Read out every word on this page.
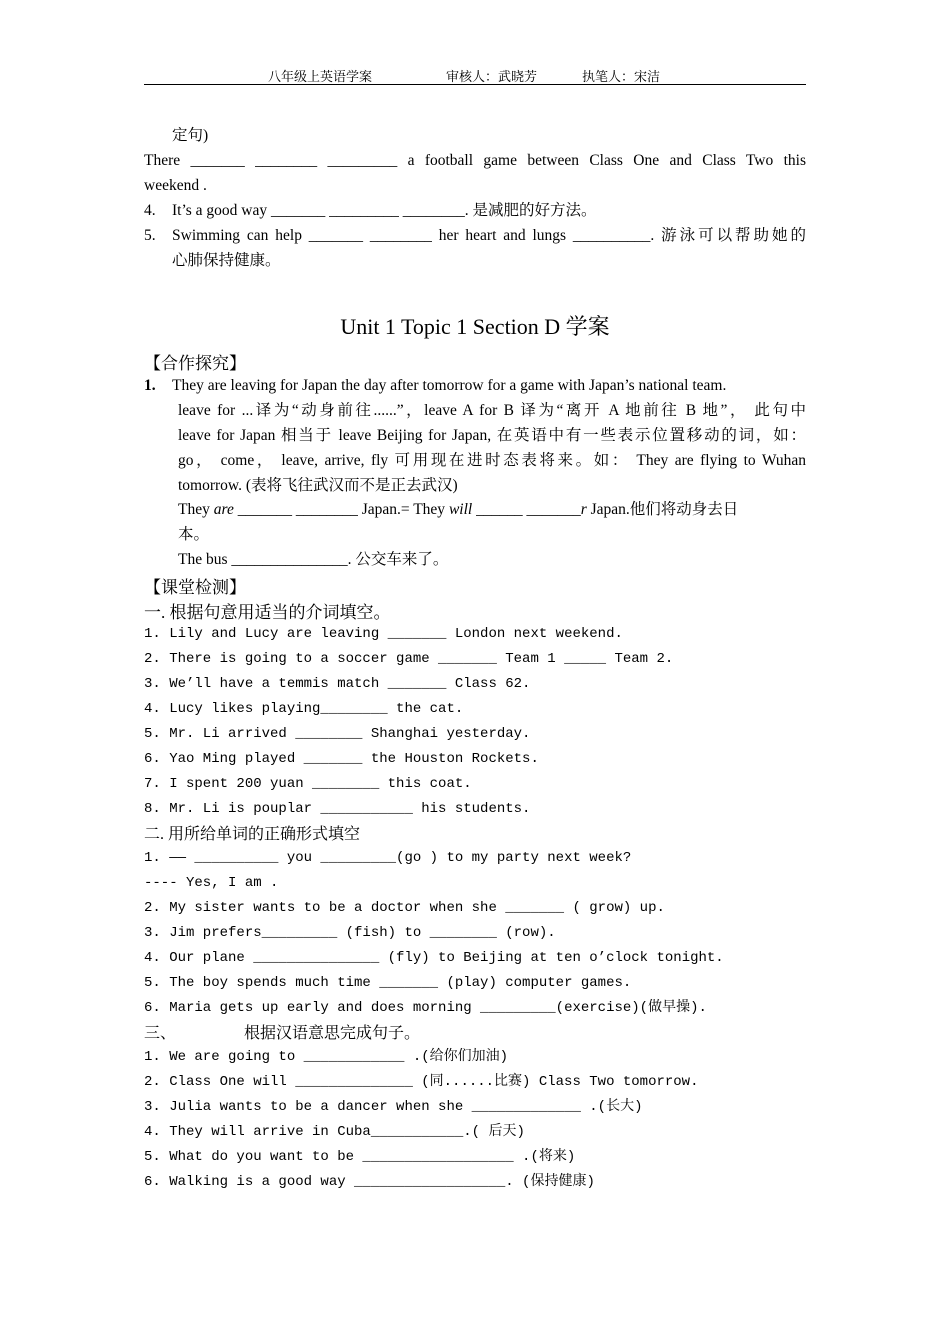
八年级上英语学案	审核人：武晓芳	执笔人：宋洁
定句)
There _______ ________ _________ a football game between Class One and Class Two this
weekend .
4. It’s a good way _______ _________ ________. 是减肥的好方法。
5. Swimming can help _______ ________ her heart and lungs __________. 游泳可以帮助她的
心肺保持健康。
Unit 1 Topic 1 Section D 学案
【合作探究】
1. They are leaving for Japan the day after tomorrow for a game with Japan’s national team.
leave for ...译为“动身前往......”，leave A for B 译为“离开 A 地前往 B 地”， 此句中
leave for Japan 相当于 leave Beijing for Japan, 在英语中有一些表示位置移动的词，如：
go， come， leave, arrive, fly 可用现在进时态表将来。如： They are flying to Wuhan
tomorrow. (表将飞往武汉而不是正去武汉)
They are _______ ________ Japan.= They will ______ _______r Japan.他们将动身去日
本。
The bus _______________. 公交车来了。
【课堂检测】
一. 根据句意用适当的介词填空。
1. Lily and Lucy are leaving _______ London next weekend.
2. There is going to a soccer game _______ Team 1 _____ Team 2.
3. We’ll have a temmis match _______ Class 62.
4. Lucy likes playing________ the cat.
5. Mr. Li arrived ________ Shanghai yesterday.
6. Yao Ming played _______ the Houston Rockets.
7. I spent 200 yuan ________ this coat.
8. Mr. Li is pouplar ___________ his students.
二. 用所给单词的正确形式填空
1. —— __________ you _________(go ) to my party next week?
---- Yes, I am .
2. My sister wants to be a doctor when she _______ ( grow) up.
3. Jim prefers_________ (fish) to ________ (row).
4. Our plane _______________ (fly) to Beijing at ten o’clock tonight.
5. The boy spends much time _______ (play) computer games.
6. Maria gets up early and does morning _________(exercise)(做早操).
三、	根据汉语意思完成句子。
1. We are going to ____________ .(给你们加油)
2. Class One will ______________ (同......比赛) Class Two tomorrow.
3. Julia wants to be a dancer when she _____________ .(长大)
4. They will arrive in Cuba___________.( 后天)
5. What do you want to be __________________ .(将来)
6. Walking is a good way __________________. (保持健康)
